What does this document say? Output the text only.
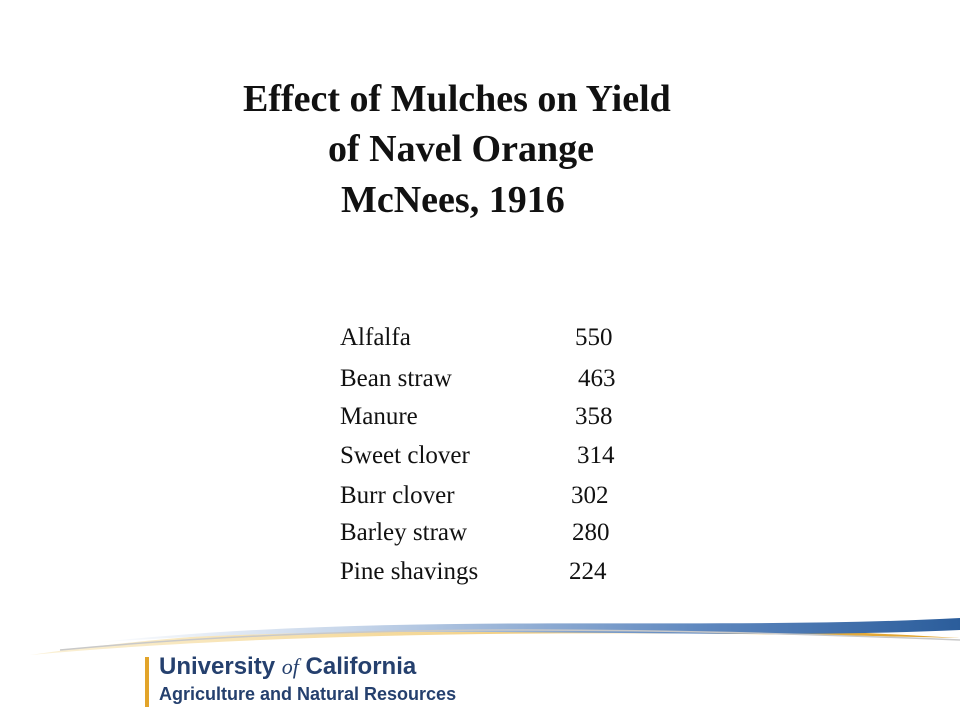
Effect of Mulches on Yield
of Navel Orange
McNees, 1916
Alfalfa	550
Bean straw	463
Manure	358
Sweet clover	314
Burr clover	302
Barley straw	280
Pine shavings	224
University of California
Agriculture and Natural Resources
